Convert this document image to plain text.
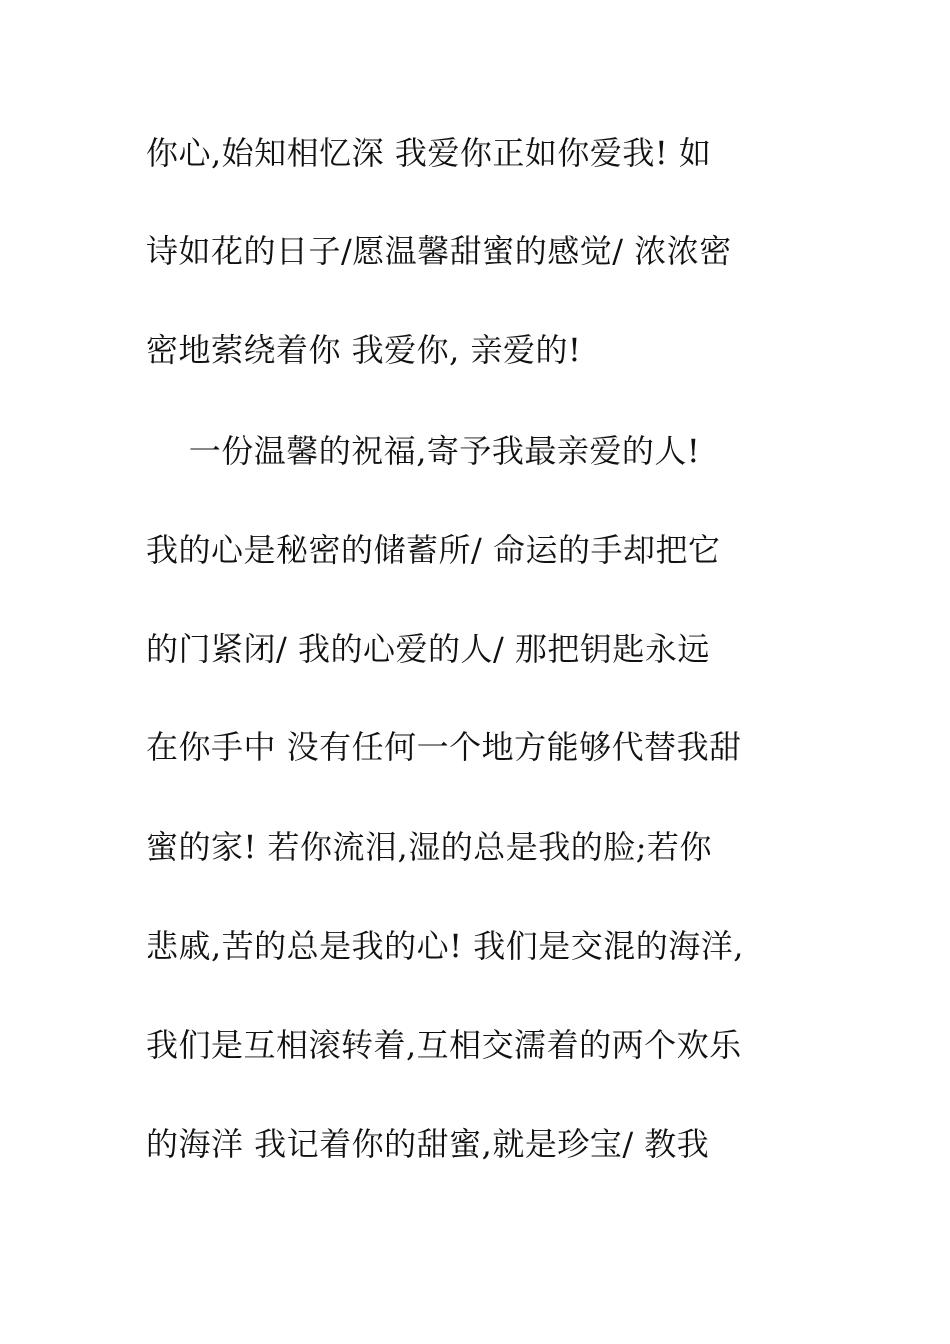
你心,始知相忆深 我爱你正如你爱我! 如
诗如花的日子/愿温馨甜蜜的感觉/ 浓浓密
密地萦绕着你 我爱你, 亲爱的!
一份温馨的祝福,寄予我最亲爱的人!
我的心是秘密的储蓄所/ 命运的手却把它
的门紧闭/ 我的心爱的人/ 那把钥匙永远
在你手中 没有任何一个地方能够代替我甜
蜜的家! 若你流泪,湿的总是我的脸;若你
悲戚,苦的总是我的心! 我们是交混的海洋,
我们是互相滚转着,互相交濡着的两个欢乐
的海洋 我记着你的甜蜜,就是珍宝/ 教我
